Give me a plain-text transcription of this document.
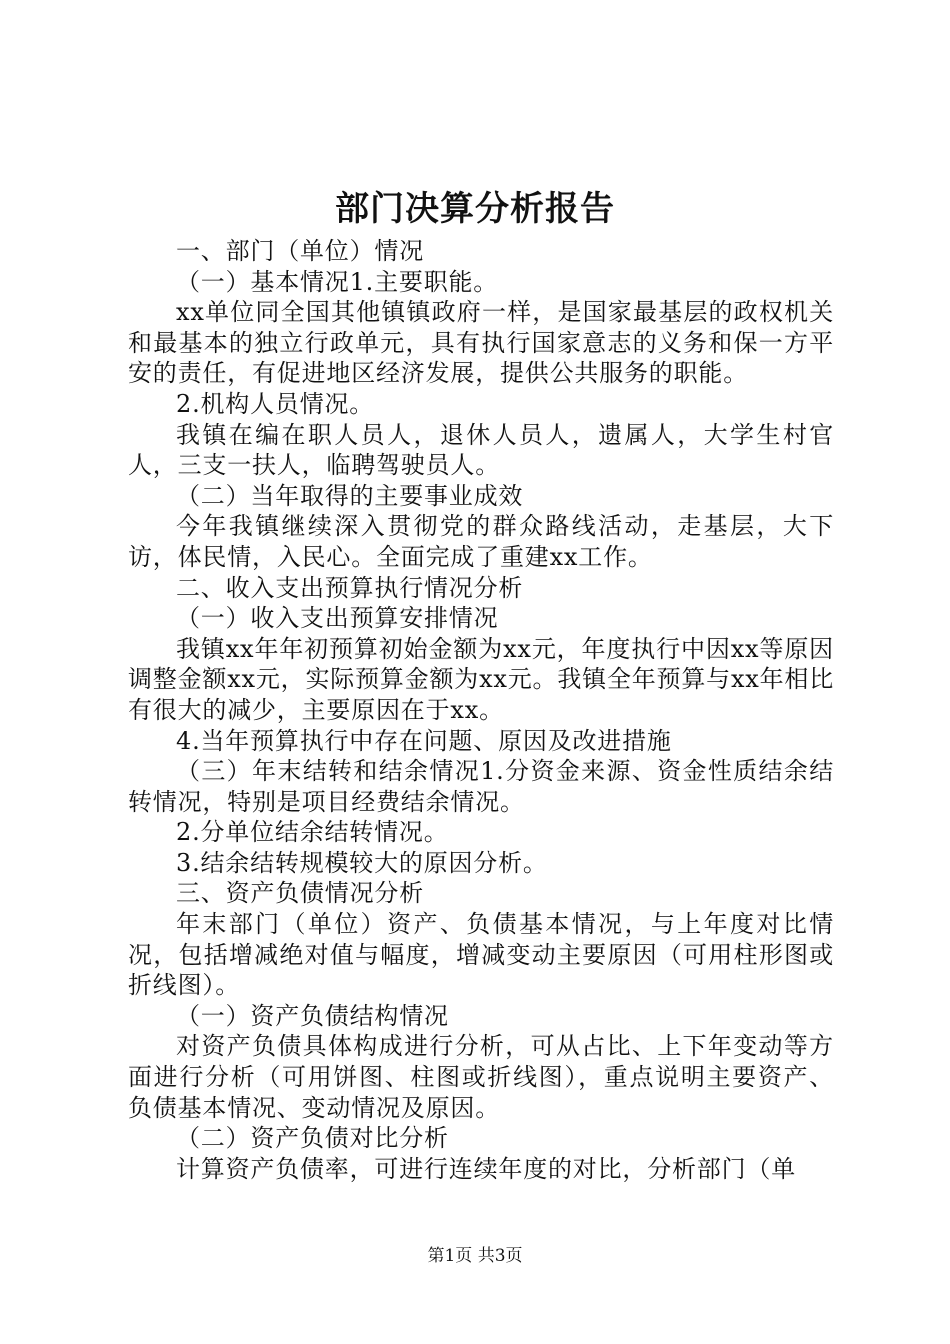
部门决算分析报告

一、部门（单位）情况

（一）基本情况1.主要职能。

xx单位同全国其他镇镇政府一样，是国家最基层的政权机关和最基本的独立行政单元，具有执行国家意志的义务和保一方平安的责任，有促进地区经济发展，提供公共服务的职能。

2.机构人员情况。

我镇在编在职人员人，退休人员人，遗属人，大学生村官人，三支一扶人，临聘驾驶员人。

（二）当年取得的主要事业成效

今年我镇继续深入贯彻党的群众路线活动，走基层，大下访，体民情，入民心。全面完成了重建xx工作。

二、收入支出预算执行情况分析

（一）收入支出预算安排情况

我镇xx年年初预算初始金额为xx元，年度执行中因xx等原因调整金额xx元，实际预算金额为xx元。我镇全年预算与xx年相比有很大的减少，主要原因在于xx。

4.当年预算执行中存在问题、原因及改进措施

（三）年末结转和结余情况1.分资金来源、资金性质结余结转情况，特别是项目经费结余情况。

2.分单位结余结转情况。

3.结余结转规模较大的原因分析。

三、资产负债情况分析

年末部门（单位）资产、负债基本情况，与上年度对比情况，包括增减绝对值与幅度，增减变动主要原因（可用柱形图或折线图）。

（一）资产负债结构情况

对资产负债具体构成进行分析，可从占比、上下年变动等方面进行分析（可用饼图、柱图或折线图），重点说明主要资产、负债基本情况、变动情况及原因。

（二）资产负债对比分析

计算资产负债率，可进行连续年度的对比，分析部门（单

第1页 共3页
